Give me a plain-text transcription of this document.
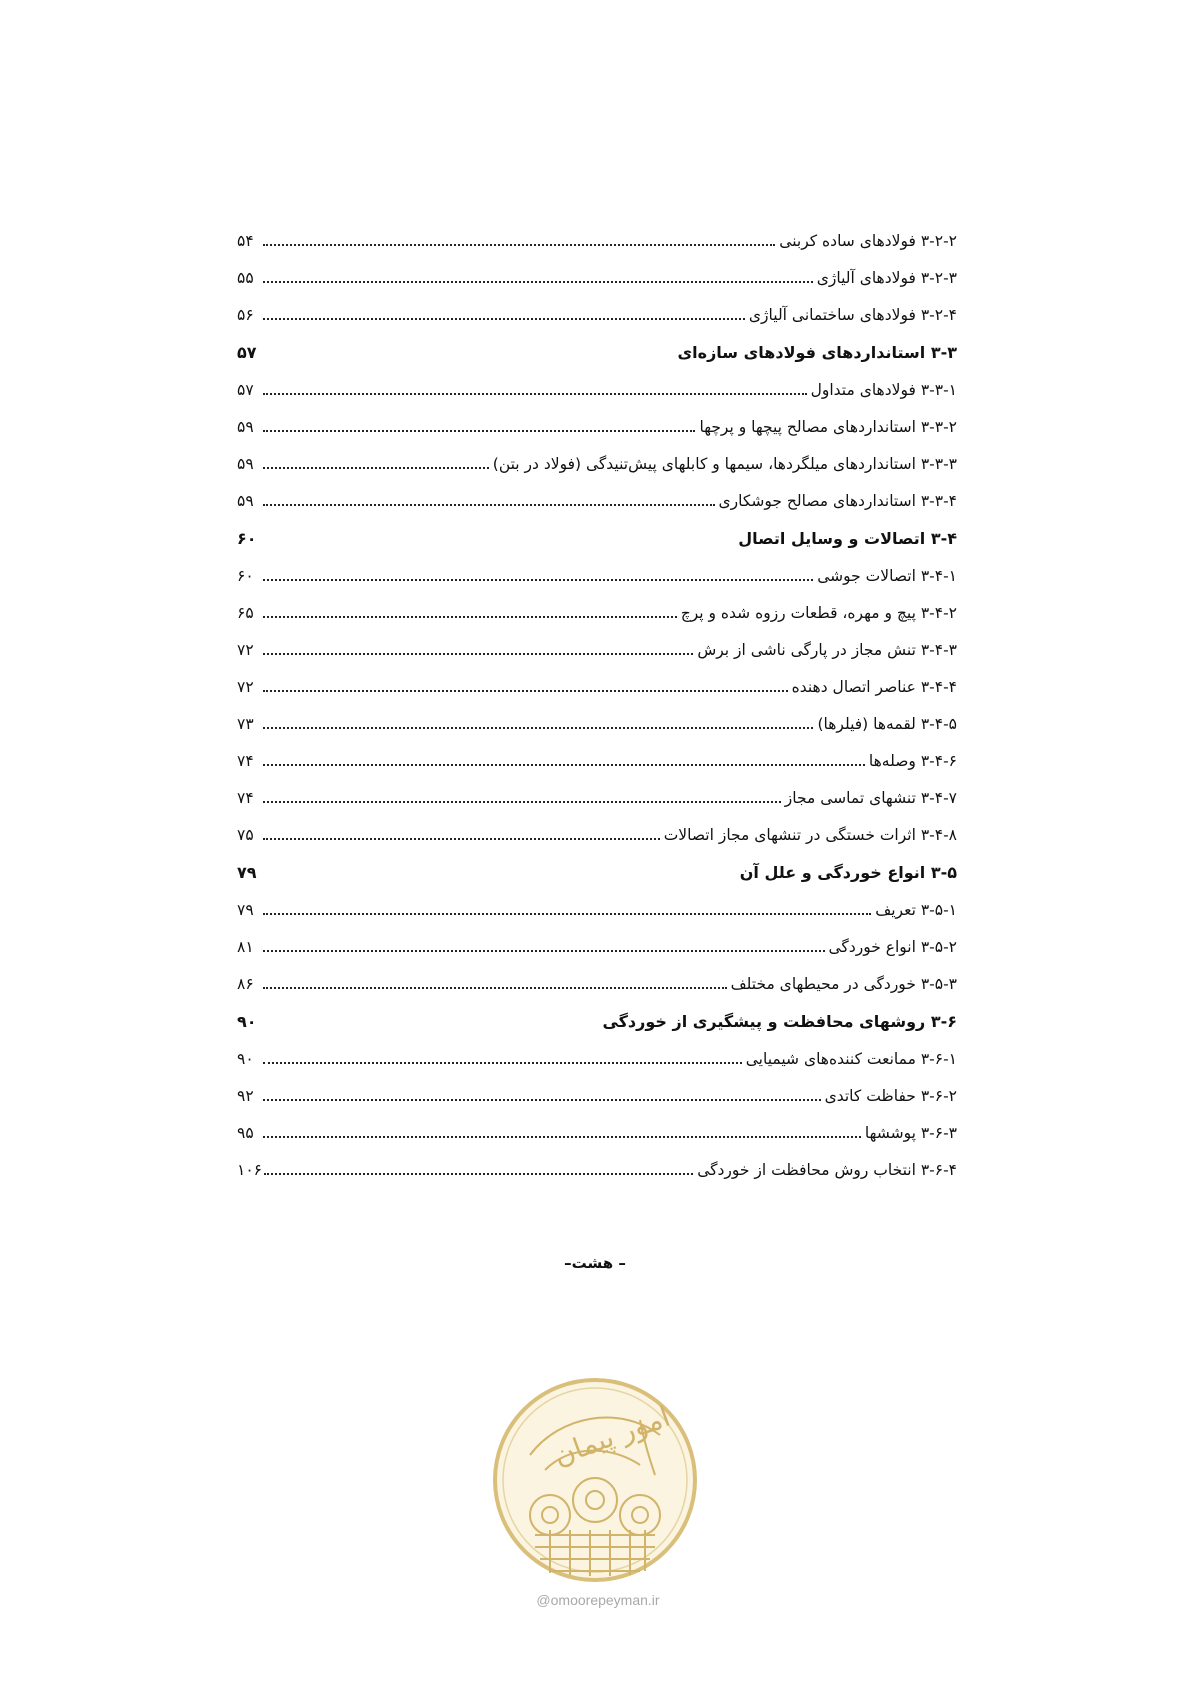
۳-۲-۲ فولادهای ساده کربنی
۵۴
۳-۲-۳ فولادهای آلیاژی
۵۵
۳-۲-۴ فولادهای ساختمانی آلیاژی
۵۶
۳-۳ استانداردهای فولادهای سازه‌ای
۵۷
۳-۳-۱ فولادهای متداول
۵۷
۳-۳-۲ استانداردهای مصالح پیچها و پرچها
۵۹
۳-۳-۳ استانداردهای میلگردها، سیمها و کابلهای پیش‌تنیدگی (فولاد در بتن)
۵۹
۳-۳-۴ استانداردهای مصالح جوشکاری
۵۹
۳-۴ اتصالات و وسایل اتصال
۶۰
۳-۴-۱ اتصالات جوشی
۶۰
۳-۴-۲ پیچ و مهره، قطعات رزوه شده و پرچ
۶۵
۳-۴-۳ تنش مجاز در پارگی ناشی از برش
۷۲
۳-۴-۴ عناصر اتصال دهنده
۷۲
۳-۴-۵ لقمه‌ها (فیلرها)
۷۳
۳-۴-۶ وصله‌ها
۷۴
۳-۴-۷ تنشهای تماسی مجاز
۷۴
۳-۴-۸ اثرات خستگی در تنشهای مجاز اتصالات
۷۵
۳-۵ انواع خوردگی و علل آن
۷۹
۳-۵-۱ تعریف
۷۹
۳-۵-۲ انواع خوردگی
۸۱
۳-۵-۳ خوردگی در محیطهای مختلف
۸۶
۳-۶ روشهای محافظت و پیشگیری از خوردگی
۹۰
۳-۶-۱ ممانعت کننده‌های شیمیایی
۹۰
۳-۶-۲ حفاظت کاتدی
۹۲
۳-۶-۳ پوششها
۹۵
۳-۶-۴ انتخاب روش محافظت از خوردگی
۱۰۶
– هشت–
امور پیمان
@omoorepeyman.ir
